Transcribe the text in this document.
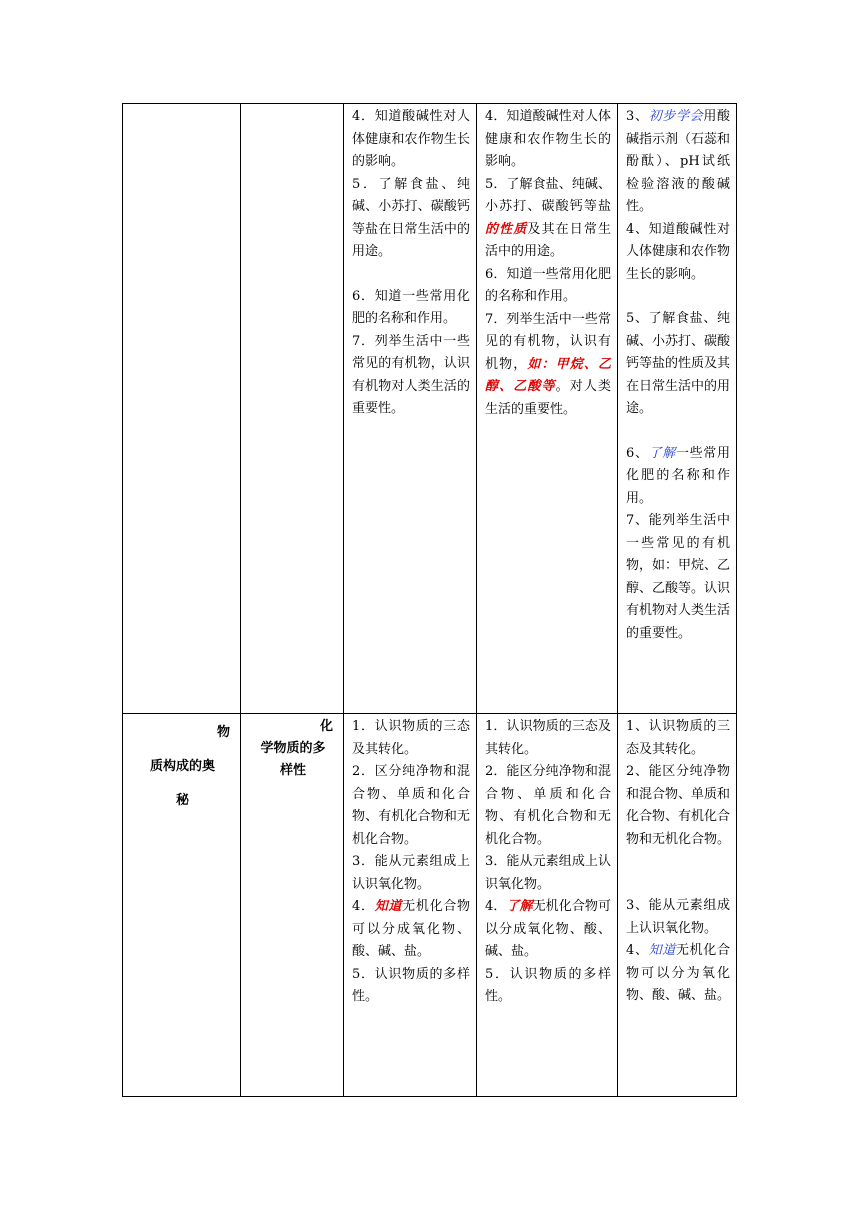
		4．知道酸碱性对人体健康和农作物生长的影响。
5．了解食盐、纯碱、小苏打、碳酸钙等盐在日常生活中的用途。
6．知道一些常用化肥的名称和作用。
7．列举生活中一些常见的有机物，认识有机物对人类生活的重要性。	4．知道酸碱性对人体健康和农作物生长的影响。
5．了解食盐、纯碱、小苏打、碳酸钙等盐的性质及其在日常生活中的用途。
6．知道一些常用化肥的名称和作用。
7．列举生活中一些常见的有机物，认识有机物，如：甲烷、乙醇、乙酸等。对人类生活的重要性。	3、初步学会用酸碱指示剂（石蕊和酚酞）、pH试纸检验溶液的酸碱性。
4、知道酸碱性对人体健康和农作物生长的影响。
5、了解食盐、纯碱、小苏打、碳酸钙等盐的性质及其在日常生活中的用途。
6、了解一些常用化肥的名称和作用。
7、能列举生活中一些常见的有机物，如：甲烷、乙醇、乙酸等。认识有机物对人类生活的重要性。

物
质构成的奥
秘	化
学物质的多
样性	1．认识物质的三态及其转化。
2．区分纯净物和混合物、单质和化合物、有机化合物和无机化合物。
3．能从元素组成上认识氧化物。
4．知道无机化合物可以分成氧化物、酸、碱、盐。
5．认识物质的多样性。	1．认识物质的三态及其转化。
2．能区分纯净物和混合物、单质和化合物、有机化合物和无机化合物。
3．能从元素组成上认识氧化物。
4．了解无机化合物可以分成氧化物、酸、碱、盐。
5．认识物质的多样性。	1、认识物质的三态及其转化。
2、能区分纯净物和混合物、单质和化合物、有机化合物和无机化合物。
3、能从元素组成上认识氧化物。
4、知道无机化合物可以分为氧化物、酸、碱、盐。
